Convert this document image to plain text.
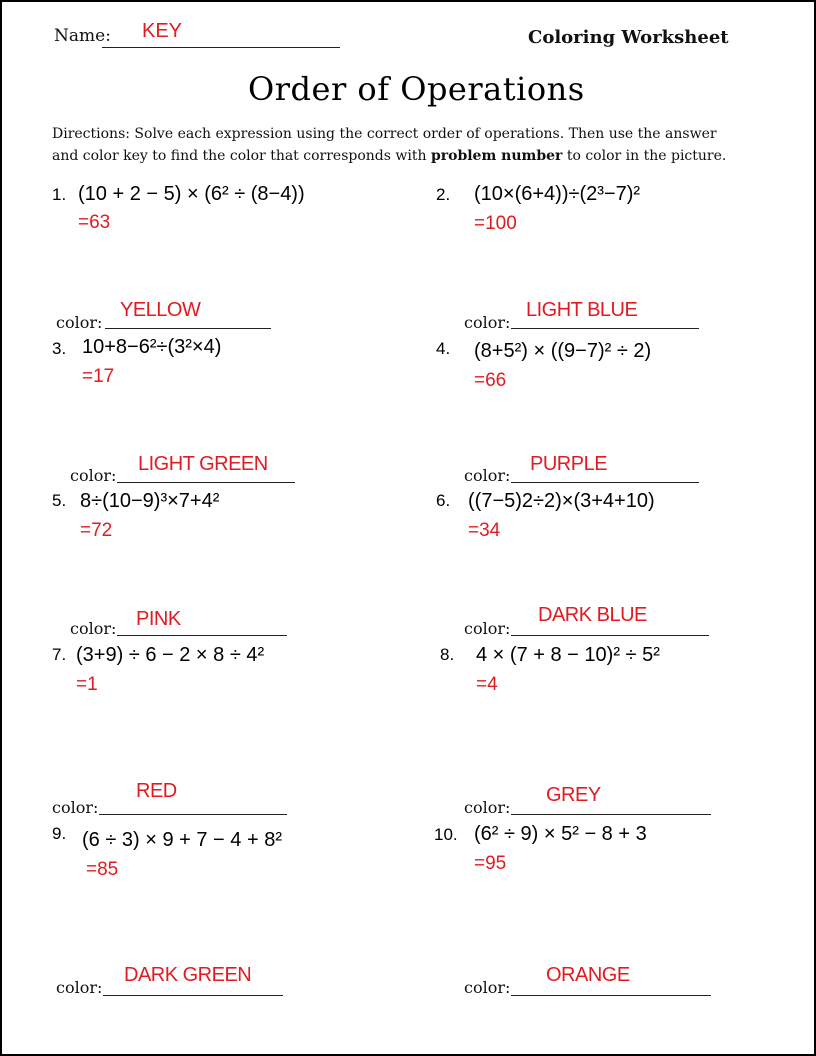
Name: KEY	Coloring Worksheet
Order of Operations
Directions: Solve each expression using the correct order of operations. Then use the answer
and color key to find the color that corresponds with problem number to color in the picture.
1. (10 + 2 − 5) × (6² ÷ (8−4))
=63
color:
YELLOW
2. (10×(6+4))÷(2³−7)²
=100
color:
LIGHT BLUE
3. 10+8−6²÷(3²×4)
=17
color:
LIGHT GREEN
4. (8+5²) × ((9−7)² ÷ 2)
=66
color:
PURPLE
5. 8÷(10−9)³×7+4²
=72
color: PINK
6. ((7−5)2÷2)×(3+4+10)
=34
color:
DARK BLUE
7. (3+9) ÷ 6 − 2 × 8 ÷ 4²
=1
color:
RED
8. 4 × (7 + 8 − 10)² ÷ 5²
=4
color:
GREY
9. (6 ÷ 3) × 9 + 7 − 4 + 8²
=85
color:
DARK GREEN
10. (6² ÷ 9) × 5² − 8 + 3
=95
color:
ORANGE
